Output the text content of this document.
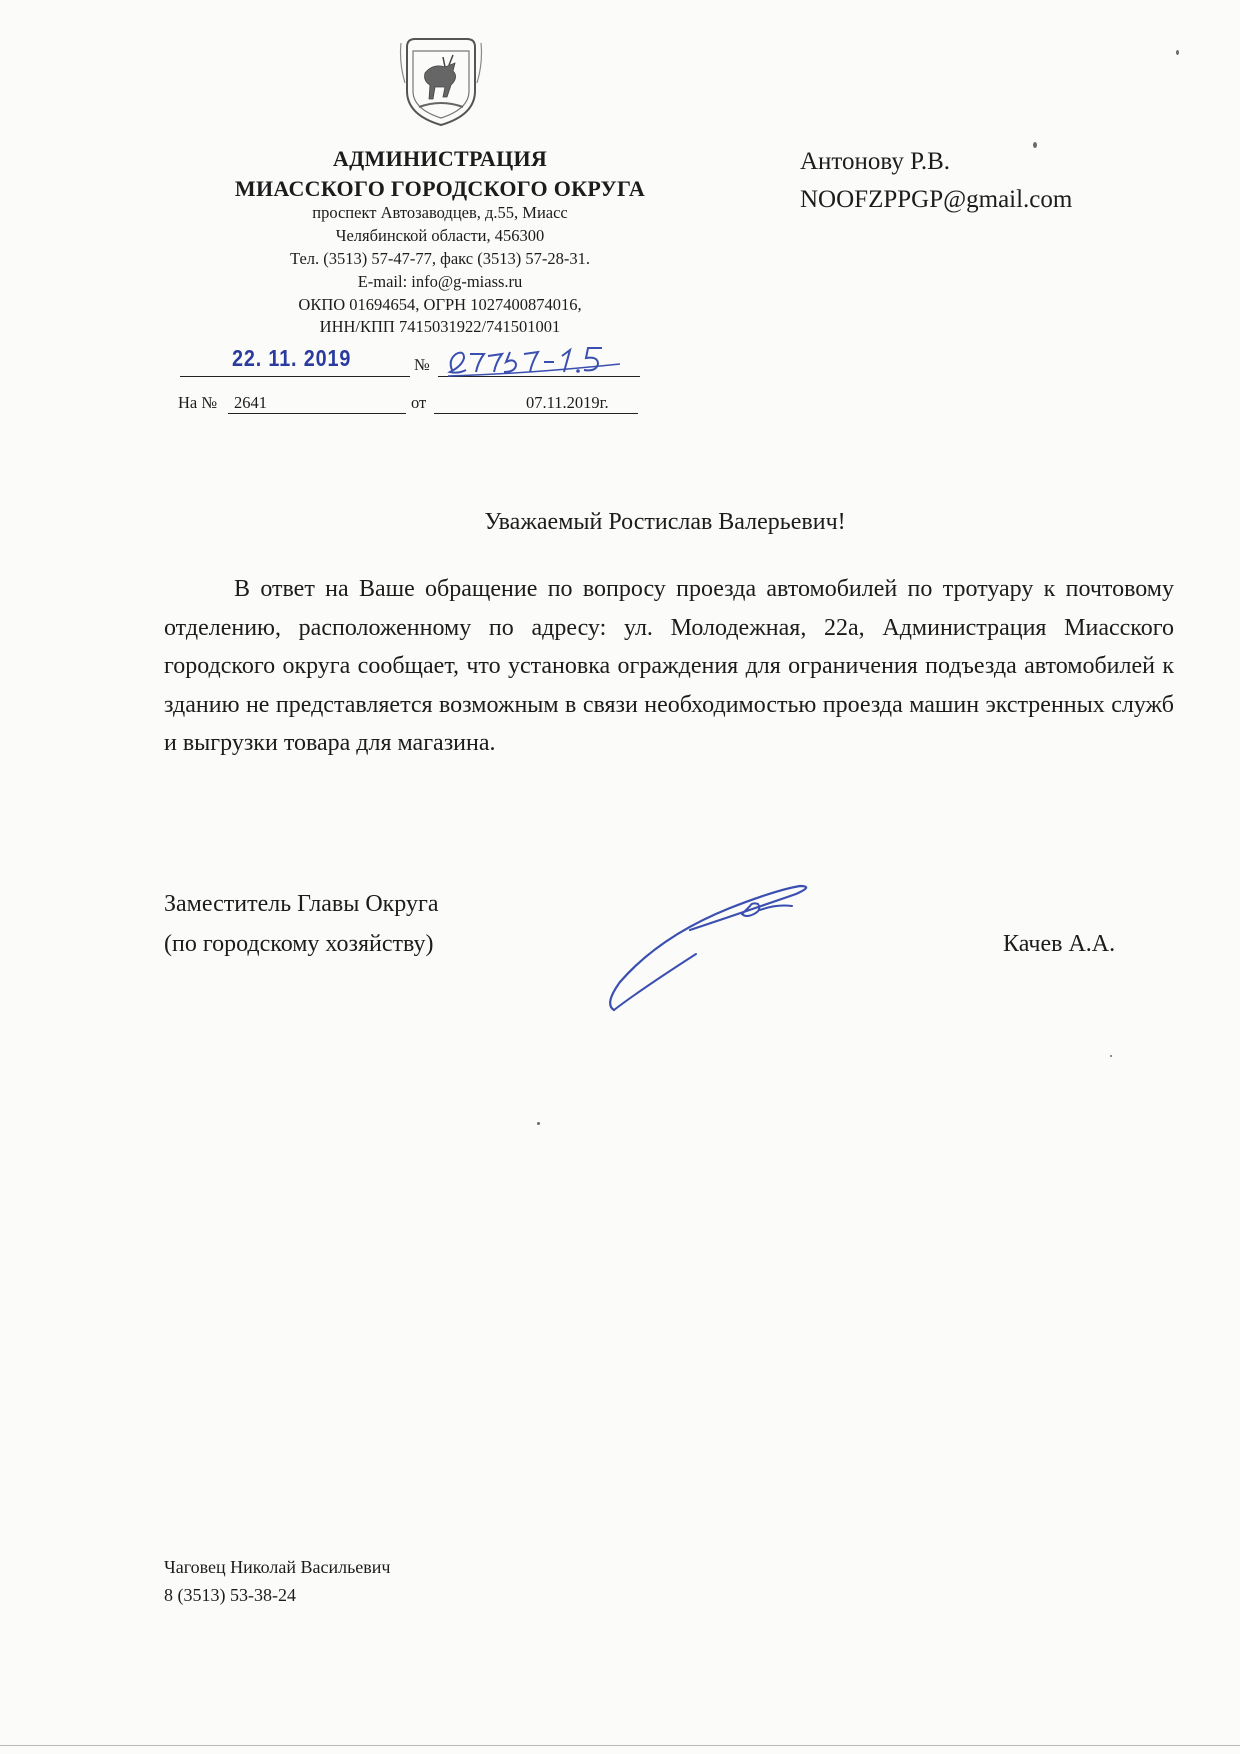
АДМИНИСТРАЦИЯ
МИАССКОГО ГОРОДСКОГО ОКРУГА
проспект Автозаводцев, д.55, Миасс
Челябинской области, 456300
Тел. (3513) 57-47-77, факс (3513) 57-28-31.
E-mail: info@g-miass.ru
ОКПО 01694654, ОГРН 1027400874016,
ИНН/КПП 7415031922/741501001
22. 11. 2019	№
На № 2641	от	07.11.2019г.
Антонову Р.В.
NOOFZPPGP@gmail.com
Уважаемый Ростислав Валерьевич!

В ответ на Ваше обращение по вопросу проезда автомобилей по тротуару к почтовому отделению, расположенному по адресу: ул. Молодежная, 22а, Администрация Миасского городского округа сообщает, что установка ограждения для ограничения подъезда автомобилей к зданию не представляется возможным в связи необходимостью проезда машин экстренных служб и выгрузки товара для магазина.

Заместитель Главы Округа
(по городскому хозяйству)	Качев А.А.
Чаговец Николай Васильевич
8 (3513) 53-38-24
